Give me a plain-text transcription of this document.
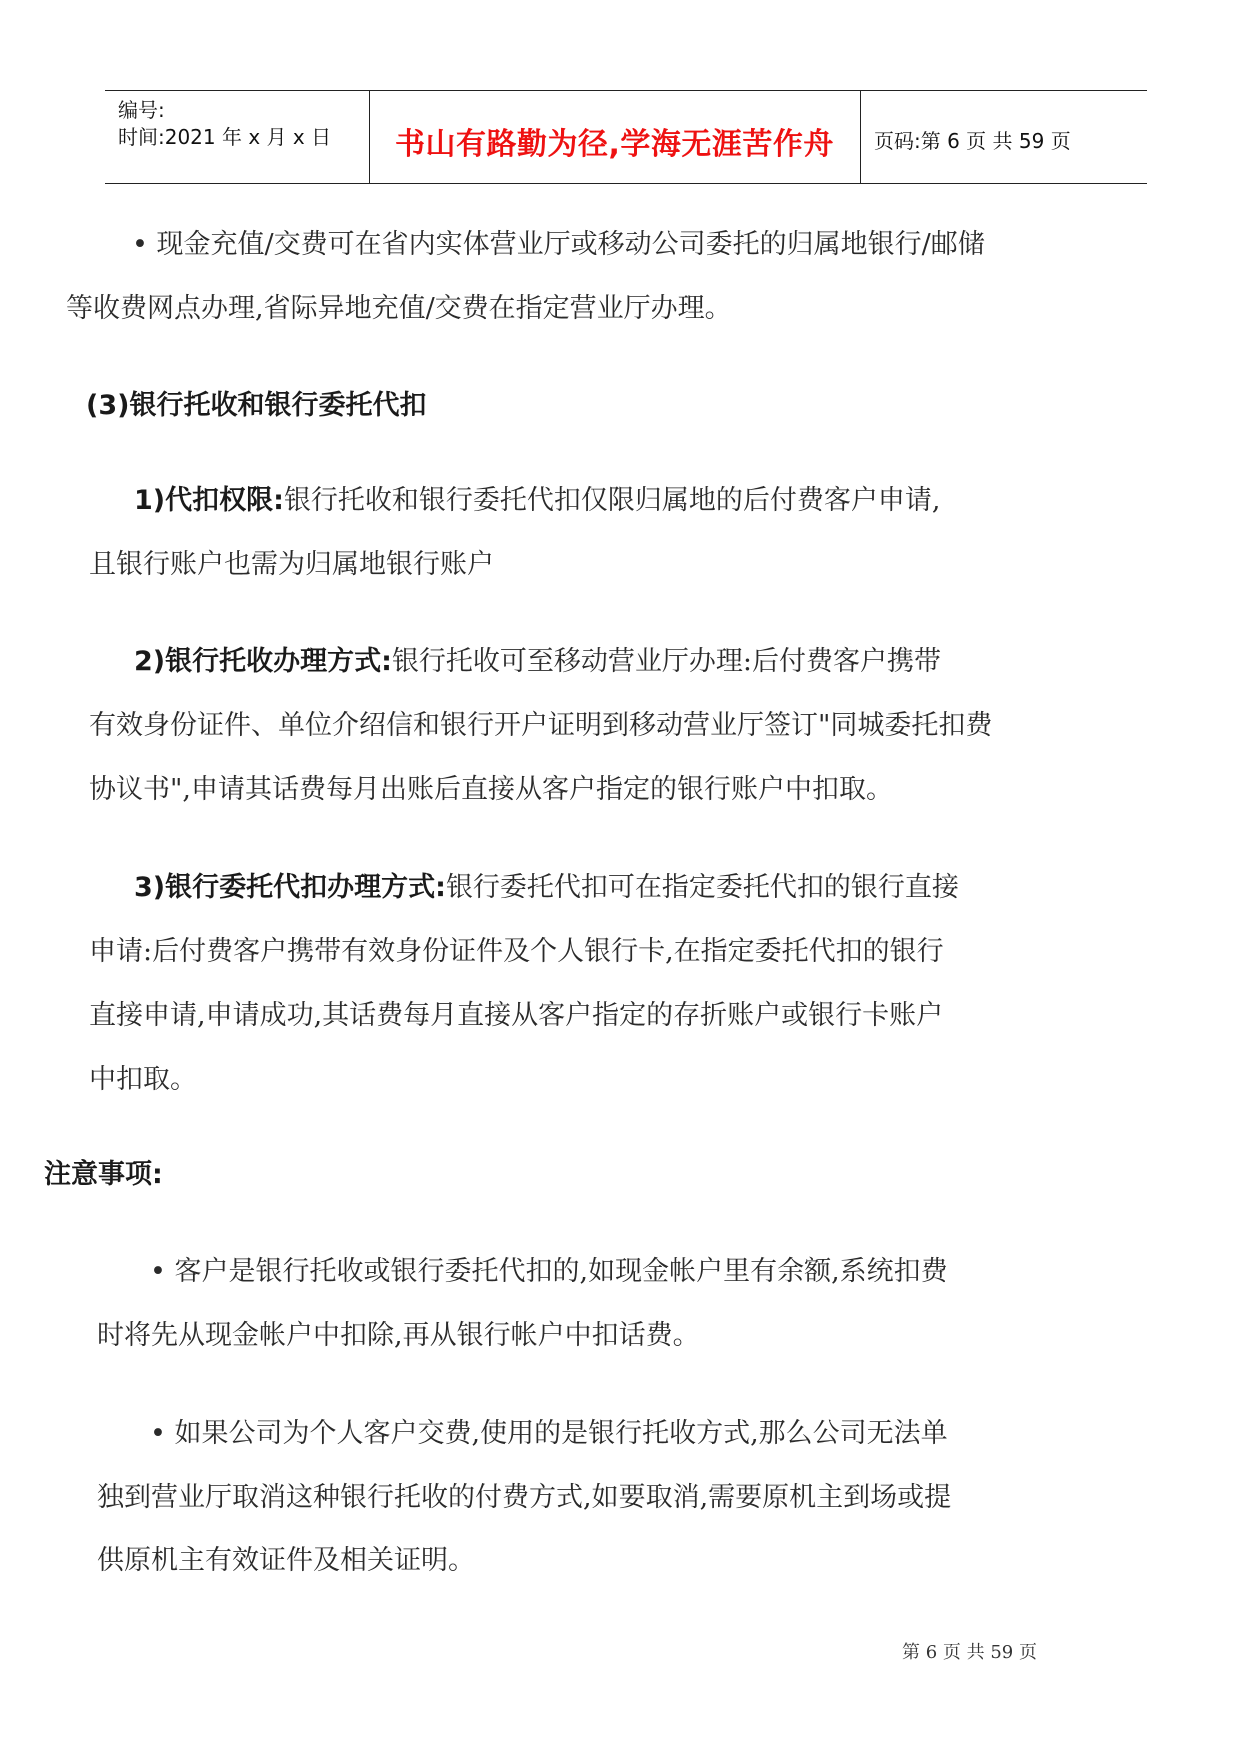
编号:
时间:2021 年 x 月 x 日 书山有路勤为径,学海无涯苦作舟 页码:第 6 页 共 59 页
• 现金充值/交费可在省内实体营业厅或移动公司委托的归属地银行/邮储
等收费网点办理,省际异地充值/交费在指定营业厅办理。
(3)银行托收和银行委托代扣
1)代扣权限:银行托收和银行委托代扣仅限归属地的后付费客户申请,
且银行账户也需为归属地银行账户
2)银行托收办理方式:银行托收可至移动营业厅办理:后付费客户携带
有效身份证件、单位介绍信和银行开户证明到移动营业厅签订"同城委托扣费
协议书",申请其话费每月出账后直接从客户指定的银行账户中扣取。
3)银行委托代扣办理方式:银行委托代扣可在指定委托代扣的银行直接
申请:后付费客户携带有效身份证件及个人银行卡,在指定委托代扣的银行
直接申请,申请成功,其话费每月直接从客户指定的存折账户或银行卡账户
中扣取。
注意事项:
• 客户是银行托收或银行委托代扣的,如现金帐户里有余额,系统扣费
时将先从现金帐户中扣除,再从银行帐户中扣话费。
• 如果公司为个人客户交费,使用的是银行托收方式,那么公司无法单
独到营业厅取消这种银行托收的付费方式,如要取消,需要原机主到场或提
供原机主有效证件及相关证明。
第 6 页 共 59 页
